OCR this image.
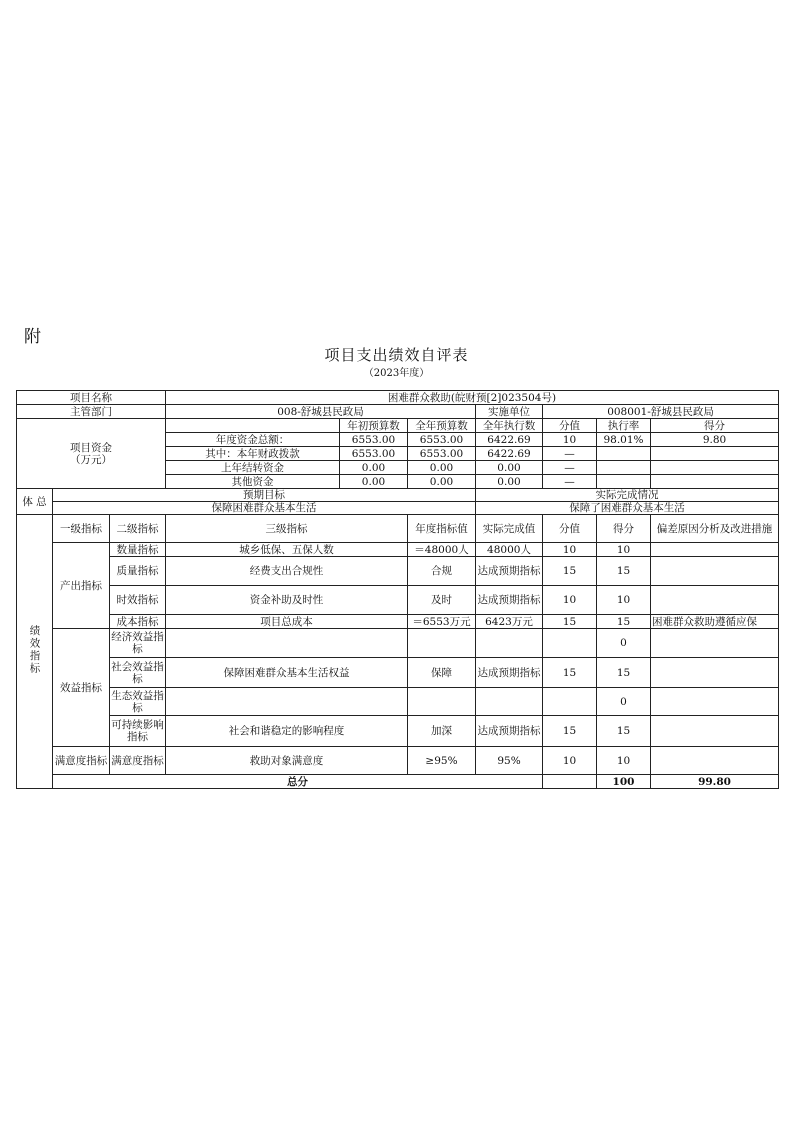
附
项目支出绩效自评表
（2023年度）
项目名称			困难群众救助(皖财预[2]023504号)							
主管部门			008-舒城县民政局			实施单位	008001-舒城县民政局			

项目资金
（万元）				年初预算数	全年预算数	全年执行数	分值	执行率	得分	
			年度资金总额：	6553.00	6553.00	6422.69	10	98.01%	9.80	
			其中：本年财政拨款	6553.00	6553.00	6422.69	—			
			上年结转资金	0.00	0.00	0.00	—			
			其他资金	0.00	0.00	0.00	—			
体 总	预期目标					实际完成情况				
	保障困难群众基本生活					保障了困难群众基本生活				
绩效指标	一级指标	二级指标	三级指标		年度指标值	实际完成值	分值	得分	偏差原因分析及改进措施	
	产出指标	数量指标	城乡低保、五保人数		＝48000人	48000人	10	10		
		质量指标	经费支出合规性		合规	达成预期指标	15	15		
		时效指标	资金补助及时性		及时	达成预期指标	10	10		
		成本指标	项目总成本		＝6553万元	6423万元	15	15	困难群众救助遵循应保	
	效益指标	经济效益指标						0		
		社会效益指标	保障困难群众基本生活权益		保障	达成预期指标	15	15		
		生态效益指标						0		
		可持续影响指标	社会和谐稳定的影响程度		加深	达成预期指标	15	15		
	满意度指标	满意度指标	救助对象满意度		≥95%	95%	10	10		
	总分							100	99.80	
